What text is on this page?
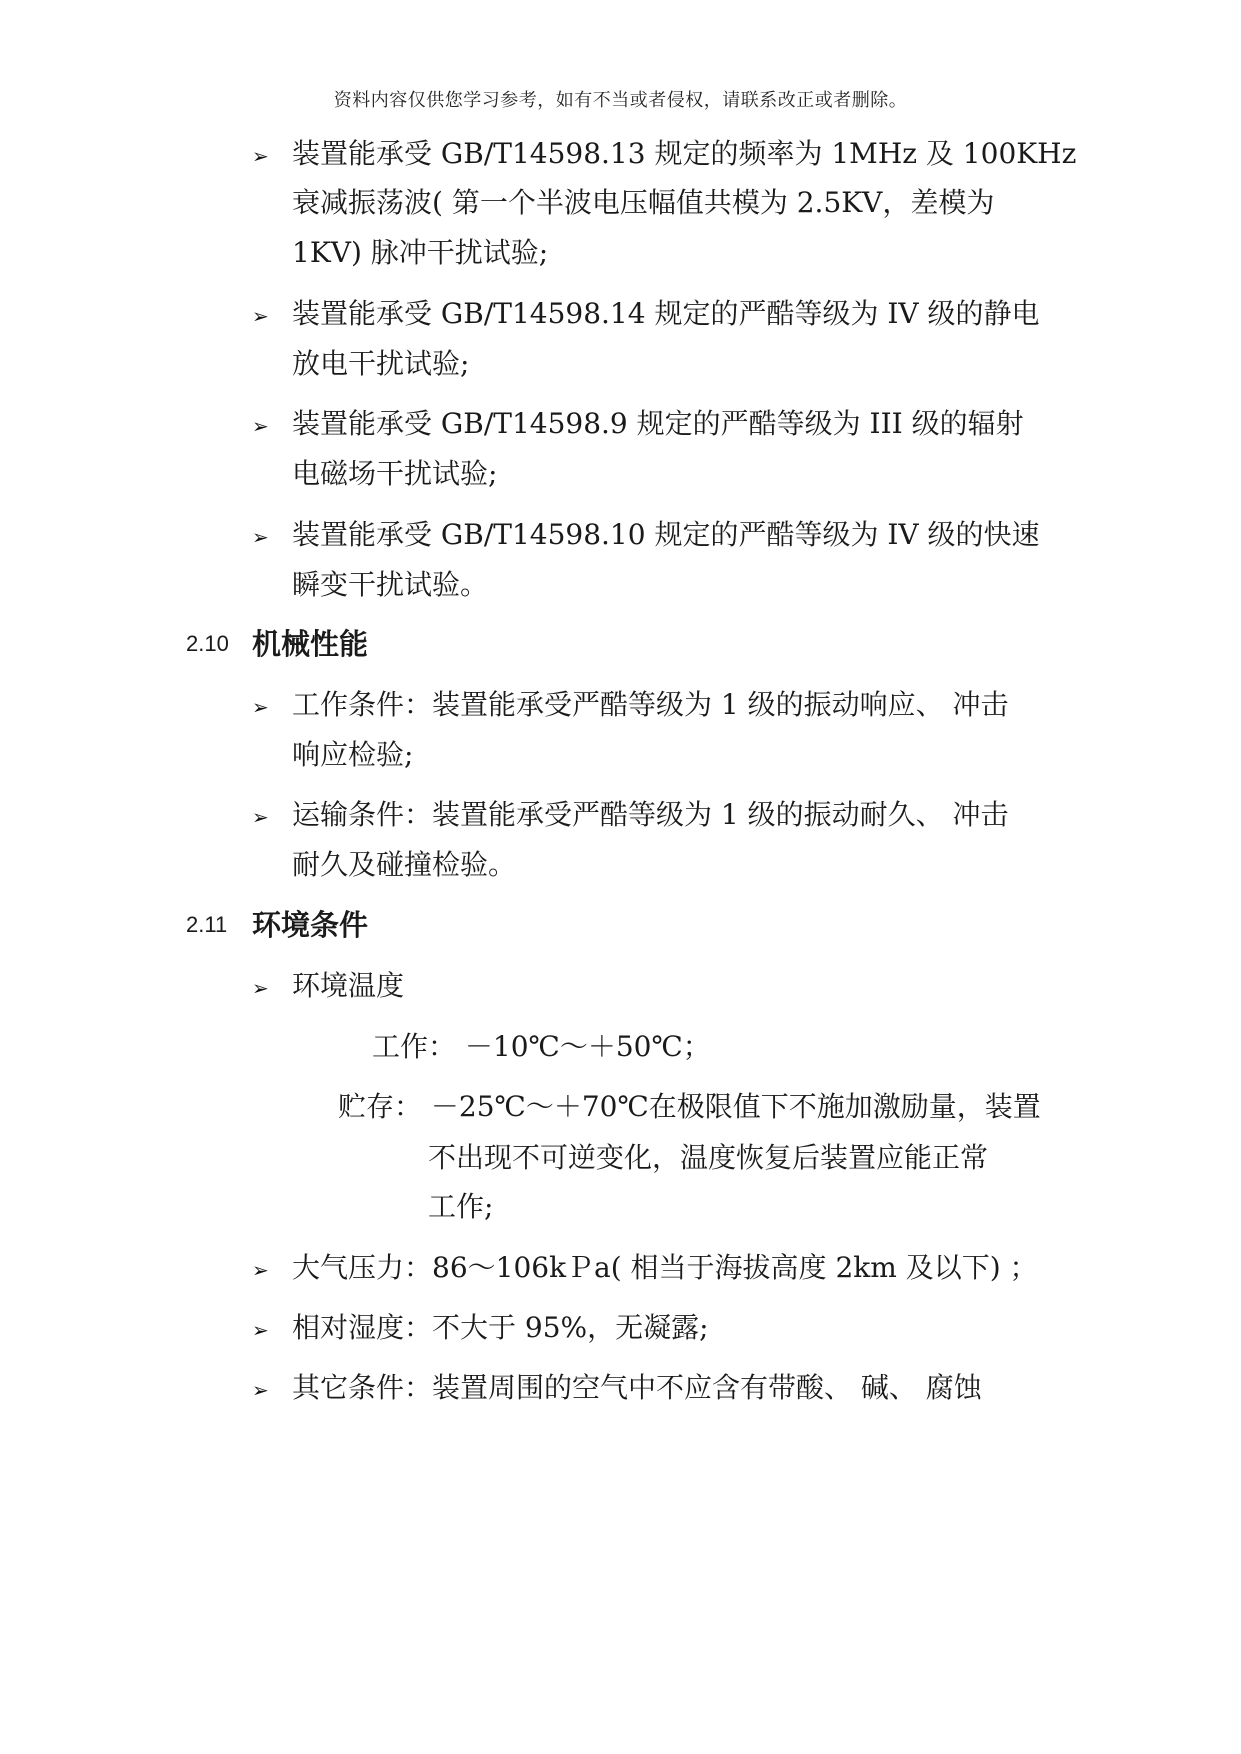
资料内容仅供您学习参考，如有不当或者侵权，请联系改正或者删除。
➢ 装置能承受 GB/T14598.13 规定的频率为 1MHz 及 100KHz
衰减振荡波( 第一个半波电压幅值共模为 2.5KV，差模为
1KV) 脉冲干扰试验;
➢ 装置能承受 GB/T14598.14 规定的严酷等级为 IV 级的静电
放电干扰试验;
➢ 装置能承受 GB/T14598.9 规定的严酷等级为 III 级的辐射
电磁场干扰试验;
➢ 装置能承受 GB/T14598.10 规定的严酷等级为 IV 级的快速
瞬变干扰试验。
2.10 机械性能
➢ 工作条件：装置能承受严酷等级为 1 级的振动响应、 冲击
响应检验;
➢ 运输条件：装置能承受严酷等级为 1 级的振动耐久、 冲击
耐久及碰撞检验。
2.11 环境条件
➢ 环境温度
工作： －10℃～＋50℃；
贮存： －25℃～＋70℃在极限值下不施加激励量，装置
不出现不可逆变化，温度恢复后装置应能正常
工作;
➢ 大气压力：86～106kＰa( 相当于海拔高度 2km 及以下) ；
➢ 相对湿度：不大于 95%，无凝露;
➢ 其它条件：装置周围的空气中不应含有带酸、 碱、 腐蚀
